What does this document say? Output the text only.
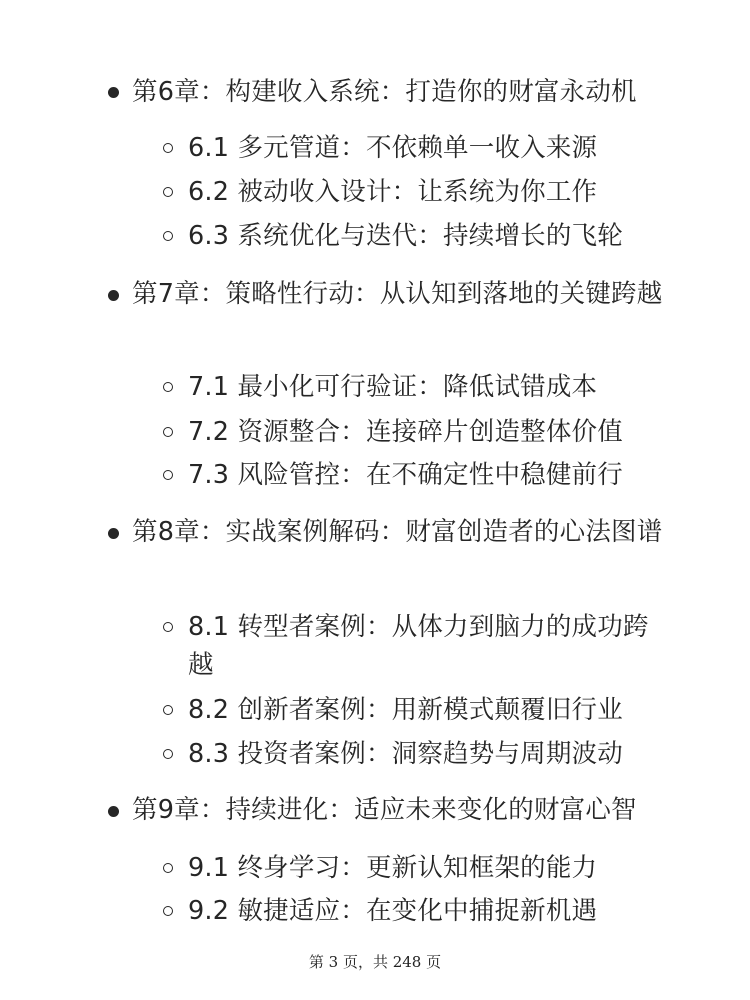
第6章：构建收入系统：打造你的财富永动机
6.1 多元管道：不依赖单一收入来源
6.2 被动收入设计：让系统为你工作
6.3 系统优化与迭代：持续增长的飞轮
第7章：策略性行动：从认知到落地的关键跨越
7.1 最小化可行验证：降低试错成本
7.2 资源整合：连接碎片创造整体价值
7.3 风险管控：在不确定性中稳健前行
第8章：实战案例解码：财富创造者的心法图谱
8.1 转型者案例：从体力到脑力的成功跨越
8.2 创新者案例：用新模式颠覆旧行业
8.3 投资者案例：洞察趋势与周期波动
第9章：持续进化：适应未来变化的财富心智
9.1 终身学习：更新认知框架的能力
9.2 敏捷适应：在变化中捕捉新机遇
第 3 页，共 248 页
